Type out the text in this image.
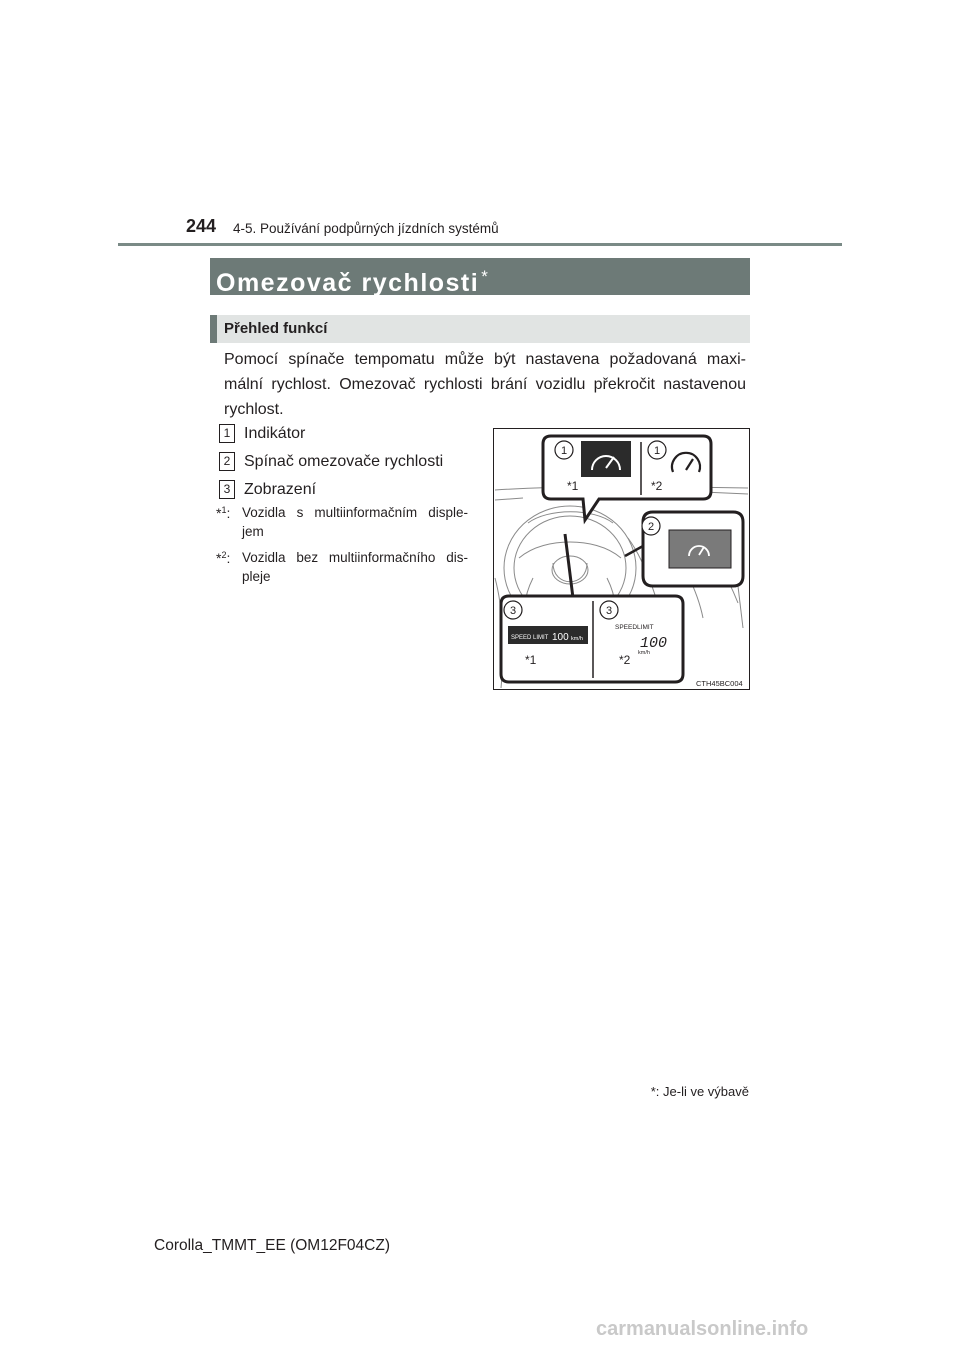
244 4-5. Používání podpůrných jízdních systémů
Omezovač rychlosti *
Přehled funkcí
Pomocí spínače tempomatu může být nastavena požadovaná maxi- mální rychlost. Omezovač rychlosti brání vozidlu překročit nastavenou rychlost.
1 Indikátor
2 Spínač omezovače rychlosti
3 Zobrazení
*$^1$: Vozidla s multiinformačním disple- jem
*$^2$: Vozidla bez multiinformačního dis- pleje
1	1
*1	*2
2
3	3
SPEED LIMIT 100 km/h
SPEEDLIMIT
100
km/h
*1	*2
CTH45BC004
*: Je-li ve výbavě
Corolla_TMMT_EE (OM12F04CZ)
carmanualsonline.info
